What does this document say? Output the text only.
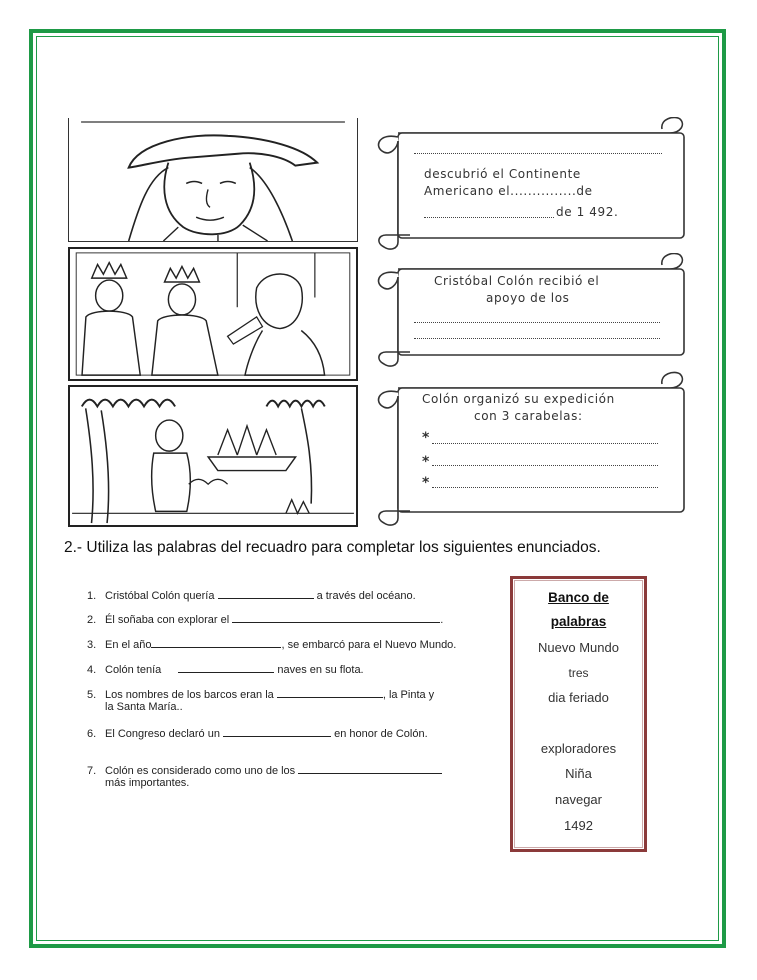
descubrió el Continente
Americano el...............de
de 1 492.
Cristóbal Colón recibió el
apoyo de los
Colón organizó su expedición
con 3 carabelas:
*
*
*
2.- Utiliza las palabras del recuadro para completar los siguientes enunciados.
1. Cristóbal Colón quería	a través del océano.
2. Él soñaba con explorar el	.
3. En el año	, se embarcó para el Nuevo Mundo.
4. Colón tenía	naves en su flota.
5. Los nombres de los barcos eran la	, la Pinta y
la Santa María..
6. El Congreso declaró un	en honor de Colón.
7. Colón es considerado como uno de los
más importantes.
Banco de
palabras
Nuevo Mundo
tres
dia feriado
exploradores
Niña
navegar
1492
